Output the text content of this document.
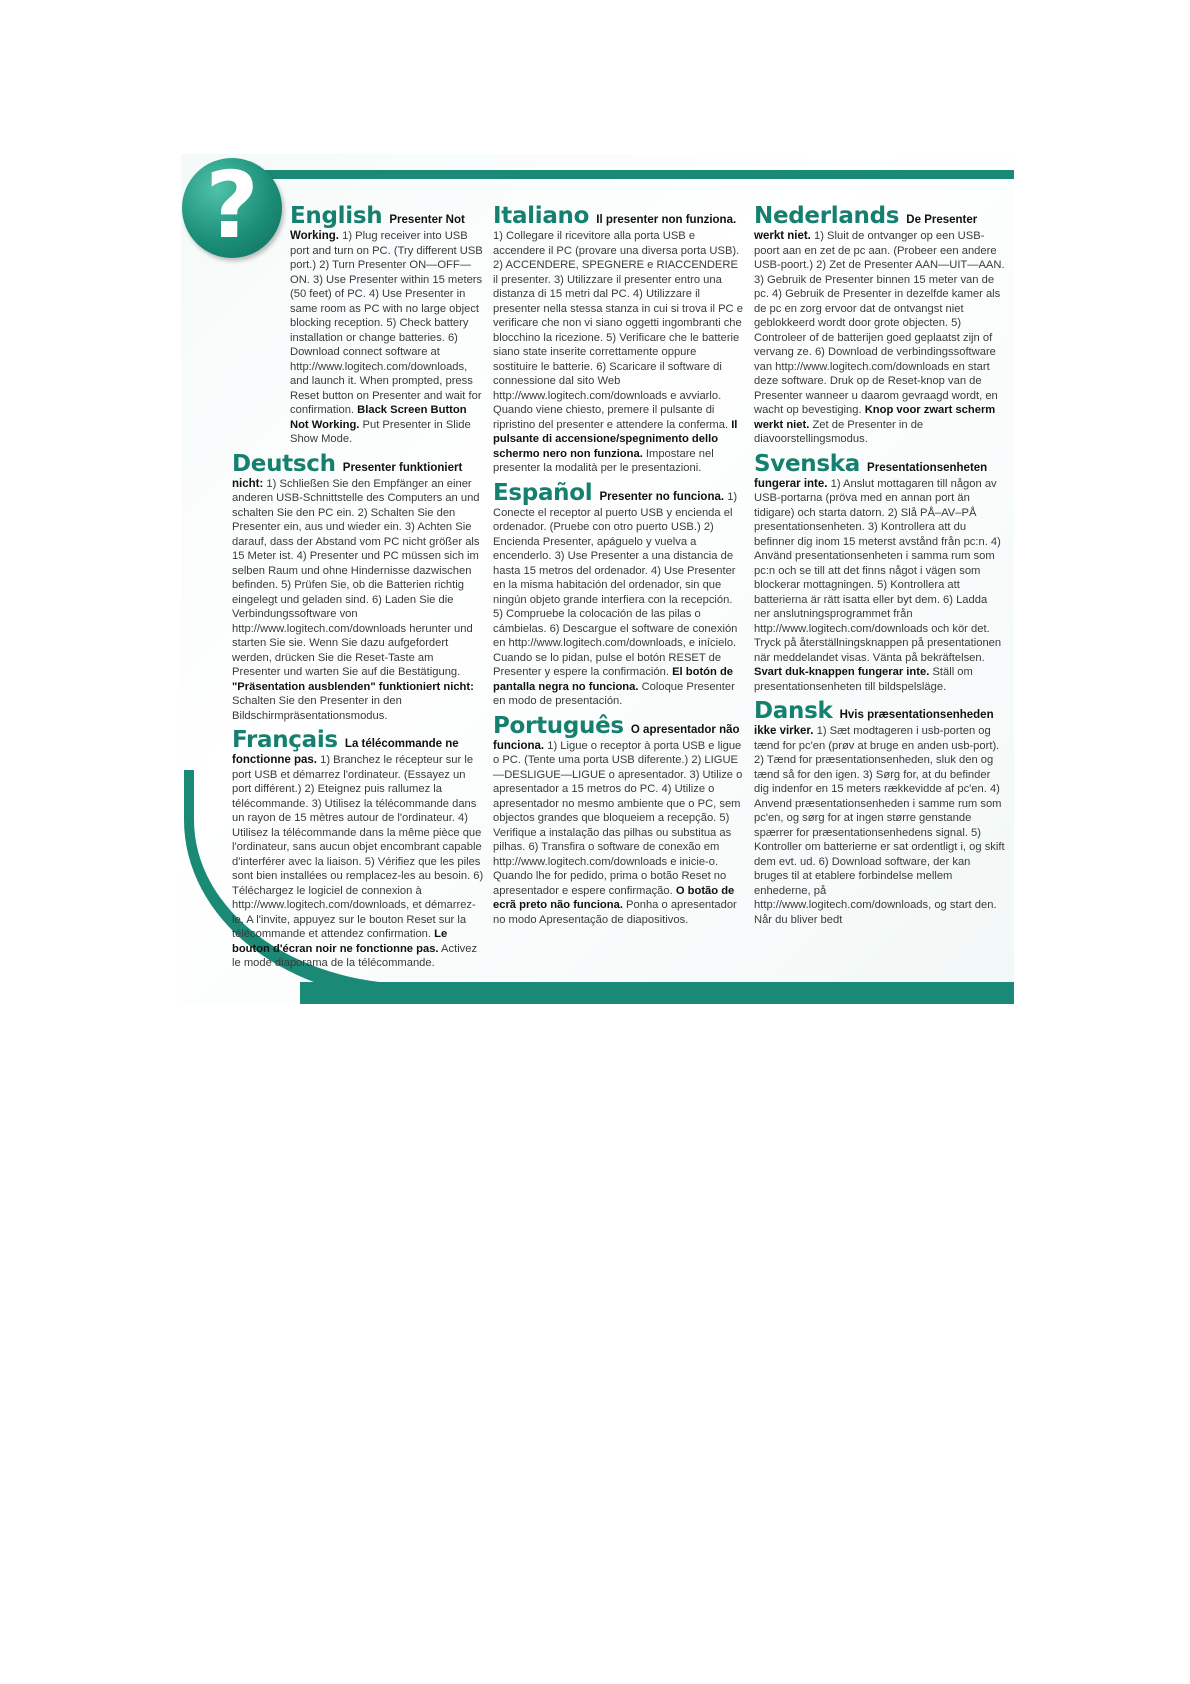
?	English Presenter Not Working. 1) Plug receiver into USB port and turn on PC. (Try different USB port.) 2) Turn Presenter ON—OFF—ON. 3) Use Presenter within 15 meters (50 feet) of PC. 4) Use Presenter in same room as PC with no large object blocking reception. 5) Check battery installation or change batteries. 6) Download connect software at http://www.logitech.com/downloads, and launch it. When prompted, press Reset button on Presenter and wait for confirmation. Black Screen Button Not Working. Put Presenter in Slide Show Mode.
Deutsch Presenter funktioniert nicht: 1) Schließen Sie den Empfänger an einer anderen USB-Schnittstelle des Computers an und schalten Sie den PC ein. 2) Schalten Sie den Presenter ein, aus und wieder ein. 3) Achten Sie darauf, dass der Abstand vom PC nicht größer als 15 Meter ist. 4) Presenter und PC müssen sich im selben Raum und ohne Hindernisse dazwischen befinden. 5) Prüfen Sie, ob die Batterien richtig eingelegt und geladen sind. 6) Laden Sie die Verbindungssoftware von http://www.logitech.com/downloads herunter und starten Sie sie. Wenn Sie dazu aufgefordert werden, drücken Sie die Reset-Taste am Presenter und warten Sie auf die Bestätigung. "Präsentation ausblenden" funktioniert nicht: Schalten Sie den Presenter in den Bildschirmpräsentationsmodus.
Français La télécommande ne fonctionne pas. 1) Branchez le récepteur sur le port USB et démarrez l'ordinateur. (Essayez un port différent.) 2) Eteignez puis rallumez la télécommande. 3) Utilisez la télécommande dans un rayon de 15 mètres autour de l'ordinateur. 4) Utilisez la télécommande dans la même pièce que l'ordinateur, sans aucun objet encombrant capable d'interférer avec la liaison. 5) Vérifiez que les piles sont bien installées ou remplacez-les au besoin. 6) Téléchargez le logiciel de connexion à http://www.logitech.com/downloads, et démarrez-le. A l'invite, appuyez sur le bouton Reset sur la télécommande et attendez confirmation. Le bouton d'écran noir ne fonctionne pas. Activez le mode diaporama de la télécommande.
Italiano Il presenter non funziona. 1) Collegare il ricevitore alla porta USB e accendere il PC (provare una diversa porta USB). 2) ACCENDERE, SPEGNERE e RIACCENDERE il presenter. 3) Utilizzare il presenter entro una distanza di 15 metri dal PC. 4) Utilizzare il presenter nella stessa stanza in cui si trova il PC e verificare che non vi siano oggetti ingombranti che blocchino la ricezione. 5) Verificare che le batterie siano state inserite correttamente oppure sostituire le batterie. 6) Scaricare il software di connessione dal sito Web http://www.logitech.com/downloads e avviarlo. Quando viene chiesto, premere il pulsante di ripristino del presenter e attendere la conferma. Il pulsante di accensione/spegnimento dello schermo nero non funziona. Impostare nel presenter la modalità per le presentazioni.
Español Presenter no funciona. 1) Conecte el receptor al puerto USB y encienda el ordenador. (Pruebe con otro puerto USB.) 2) Encienda Presenter, apáguelo y vuelva a encenderlo. 3) Use Presenter a una distancia de hasta 15 metros del ordenador. 4) Use Presenter en la misma habitación del ordenador, sin que ningún objeto grande interfiera con la recepción. 5) Compruebe la colocación de las pilas o cámbielas. 6) Descargue el software de conexión en http://www.logitech.com/downloads, e inícielo. Cuando se lo pidan, pulse el botón RESET de Presenter y espere la confirmación. El botón de pantalla negra no funciona. Coloque Presenter en modo de presentación.
Português O apresentador não funciona. 1) Ligue o receptor à porta USB e ligue o PC. (Tente uma porta USB diferente.) 2) LIGUE—DESLIGUE—LIGUE o apresentador. 3) Utilize o apresentador a 15 metros do PC. 4) Utilize o apresentador no mesmo ambiente que o PC, sem objectos grandes que bloqueiem a recepção. 5) Verifique a instalação das pilhas ou substitua as pilhas. 6) Transfira o software de conexão em http://www.logitech.com/downloads e inicie-o. Quando lhe for pedido, prima o botão Reset no apresentador e espere confirmação. O botão de ecrã preto não funciona. Ponha o apresentador no modo Apresentação de diapositivos.
Nederlands De Presenter werkt niet. 1) Sluit de ontvanger op een USB-poort aan en zet de pc aan. (Probeer een andere USB-poort.) 2) Zet de Presenter AAN—UIT—AAN. 3) Gebruik de Presenter binnen 15 meter van de pc. 4) Gebruik de Presenter in dezelfde kamer als de pc en zorg ervoor dat de ontvangst niet geblokkeerd wordt door grote objecten. 5) Controleer of de batterijen goed geplaatst zijn of vervang ze. 6) Download de verbindingssoftware van http://www.logitech.com/downloads en start deze software. Druk op de Reset-knop van de Presenter wanneer u daarom gevraagd wordt, en wacht op bevestiging. Knop voor zwart scherm werkt niet. Zet de Presenter in de diavoorstellingsmodus.
Svenska Presentationsenheten fungerar inte. 1) Anslut mottagaren till någon av USB-portarna (pröva med en annan port än tidigare) och starta datorn. 2) Slå PÅ–AV–PÅ presentationsenheten. 3) Kontrollera att du befinner dig inom 15 meterst avstånd från pc:n. 4) Använd presentationsenheten i samma rum som pc:n och se till att det finns något i vägen som blockerar mottagningen. 5) Kontrollera att batterierna är rätt isatta eller byt dem. 6) Ladda ner anslutningsprogrammet från http://www.logitech.com/downloads och kör det. Tryck på återställningsknappen på presentationen när meddelandet visas. Vänta på bekräftelsen. Svart duk-knappen fungerar inte. Ställ om presentationsenheten till bildspelsläge.
Dansk Hvis præsentationsenheden ikke virker. 1) Sæt modtageren i usb-porten og tænd for pc'en (prøv at bruge en anden usb-port). 2) Tænd for præsentationsenheden, sluk den og tænd så for den igen. 3) Sørg for, at du befinder dig indenfor en 15 meters rækkevidde af pc'en. 4) Anvend præsentationsenheden i samme rum som pc'en, og sørg for at ingen større genstande spærrer for præsentationsenhedens signal. 5) Kontroller om batterierne er sat ordentligt i, og skift dem evt. ud. 6) Download software, der kan bruges til at etablere forbindelse mellem enhederne, på http://www.logitech.com/downloads, og start den. Når du bliver bedt
